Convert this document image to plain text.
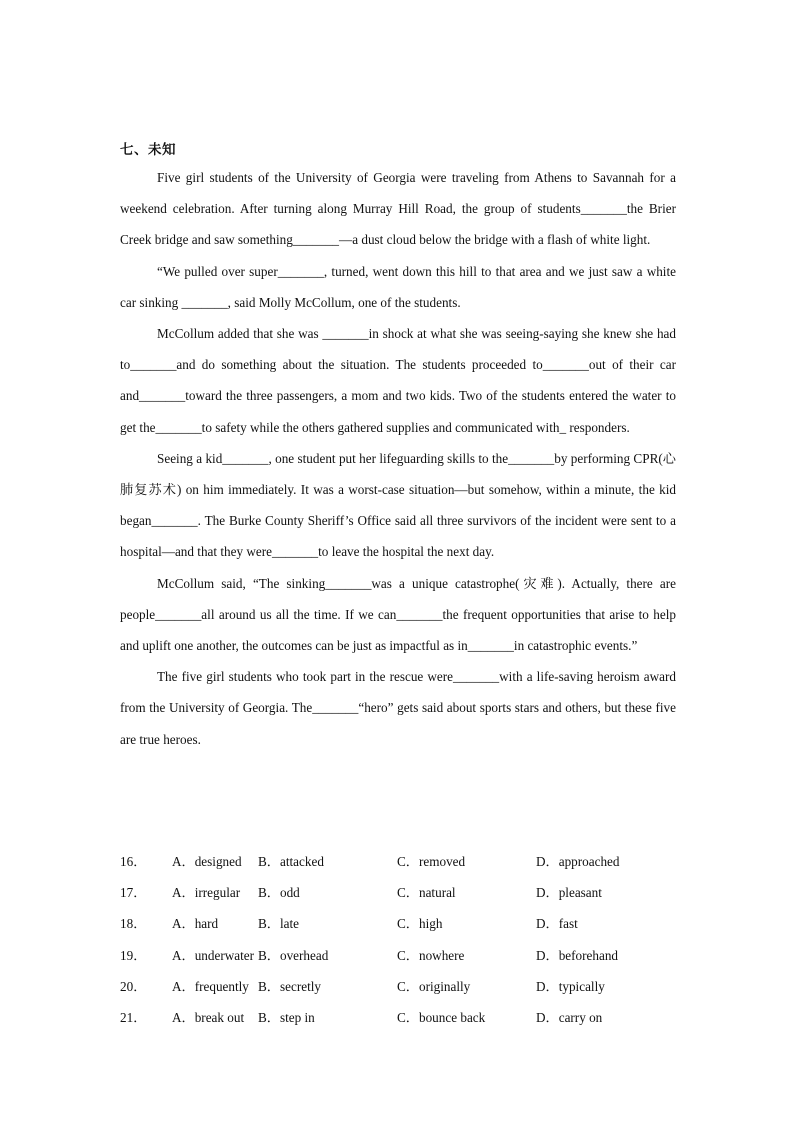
七、未知

Five girl students of the University of Georgia were traveling from Athens to Savannah for a weekend celebration. After turning along Murray Hill Road, the group of students_______the Brier Creek bridge and saw something_______—a dust cloud below the bridge with a flash of white light.

“We pulled over super_______, turned, went down this hill to that area and we just saw a white car sinking _______, said Molly McCollum, one of the students.

McCollum added that she was _______in shock at what she was seeing-saying she knew she had to_______and do something about the situation. The students proceeded to_______out of their car and_______toward the three passengers, a mom and two kids. Two of the students entered the water to get the_______to safety while the others gathered supplies and communicated with_ responders.

Seeing a kid_______, one student put her lifeguarding skills to the_______by performing CPR(心肺复苏术) on him immediately. It was a worst-case situation—but somehow, within a minute, the kid began_______. The Burke County Sheriff’s Office said all three survivors of the incident were sent to a hospital—and that they were_______to leave the hospital the next day.

McCollum said, “The sinking_______was a unique catastrophe(灾难). Actually, there are people_______all around us all the time. If we can_______the frequent opportunities that arise to help and uplift one another, the outcomes can be just as impactful as in_______in catastrophic events.”

The five girl students who took part in the rescue were_______with a life-saving heroism award from the University of Georgia. The_______“hero” gets said about sports stars and others, but these five are true heroes.

16．	A．designed	B．attacked	C．removed	D．approached
17．	A．irregular	B．odd	C．natural	D．pleasant
18．	A．hard	B．late	C．high	D．fast
19．	A．underwater B．overhead	C．nowhere	D．beforehand
20．	A．frequently B．secretly	C．originally	D．typically
21．	A．break out	B．step in	C．bounce back	D．carry on
